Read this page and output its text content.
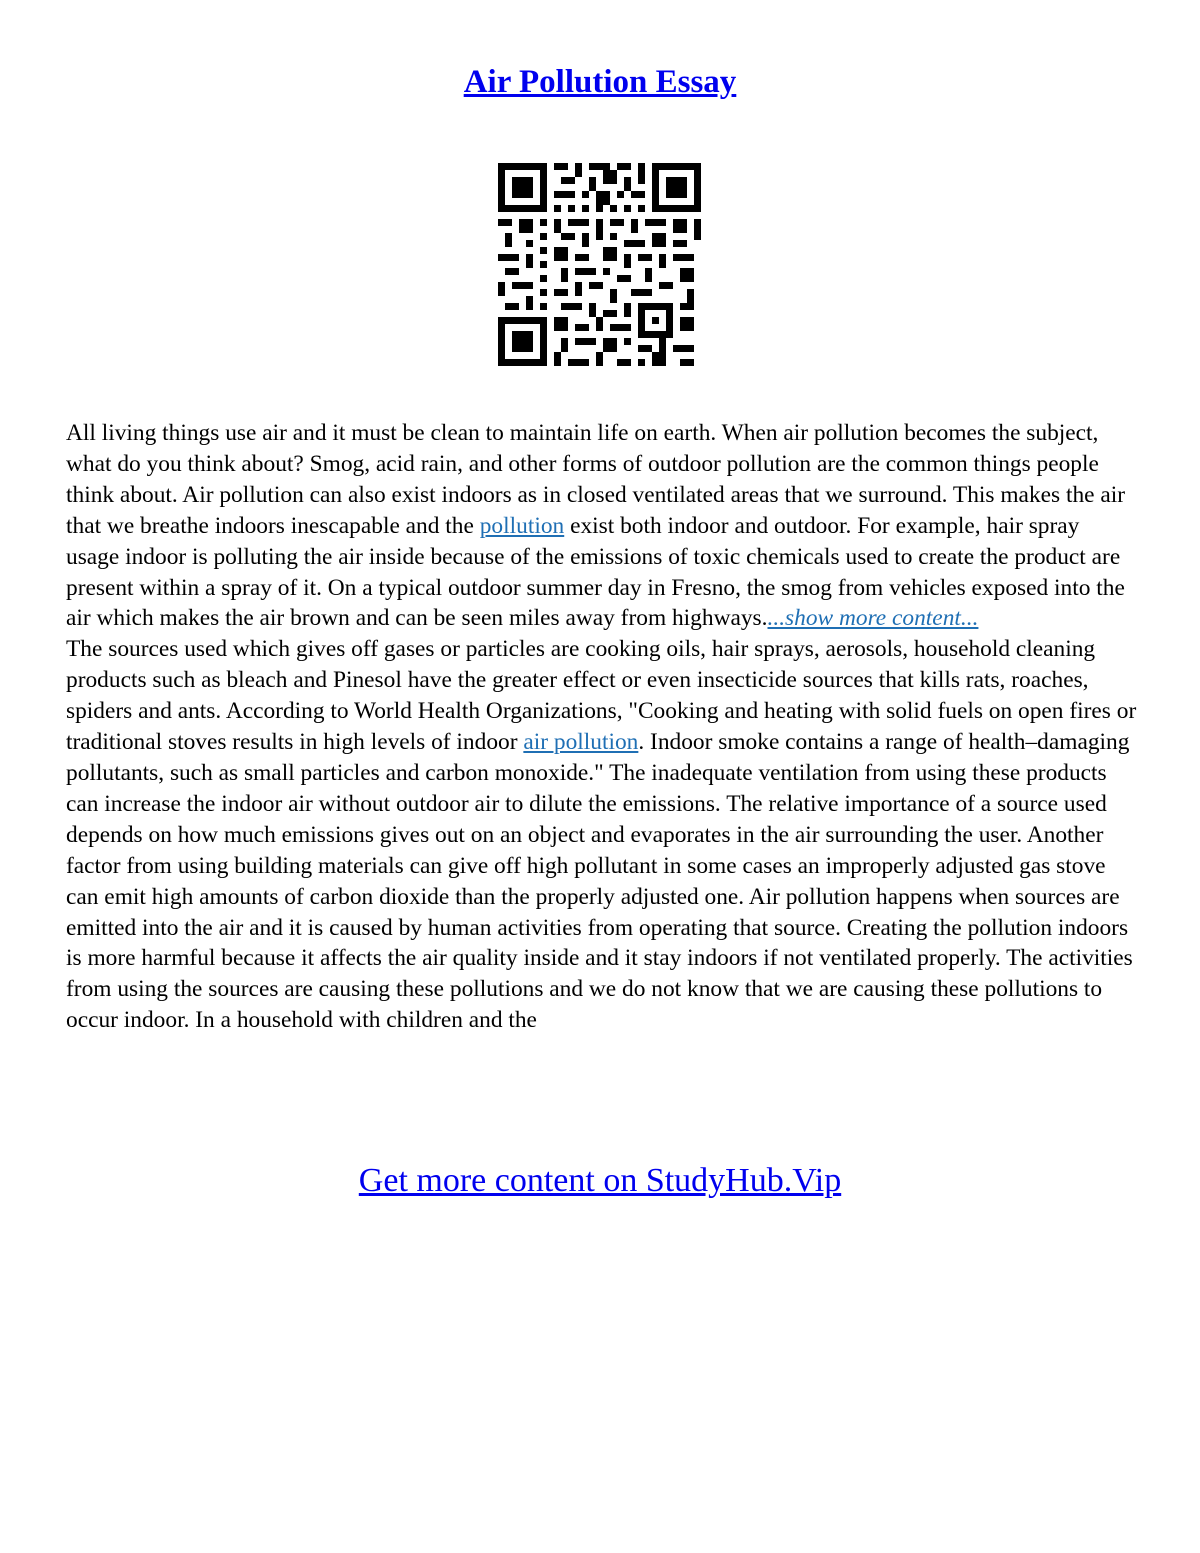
Air Pollution Essay

All living things use air and it must be clean to maintain life on earth. When air pollution becomes the subject, what do you think about? Smog, acid rain, and other forms of outdoor pollution are the common things people think about. Air pollution can also exist indoors as in closed ventilated areas that we surround. This makes the air that we breathe indoors inescapable and the pollution exist both indoor and outdoor. For example, hair spray usage indoor is polluting the air inside because of the emissions of toxic chemicals used to create the product are present within a spray of it. On a typical outdoor summer day in Fresno, the smog from vehicles exposed into the air which makes the air brown and can be seen miles away from highways....show more content...

The sources used which gives off gases or particles are cooking oils, hair sprays, aerosols, household cleaning products such as bleach and Pinesol have the greater effect or even insecticide sources that kills rats, roaches, spiders and ants. According to World Health Organizations, "Cooking and heating with solid fuels on open fires or traditional stoves results in high levels of indoor air pollution. Indoor smoke contains a range of health–damaging pollutants, such as small particles and carbon monoxide." The inadequate ventilation from using these products can increase the indoor air without outdoor air to dilute the emissions. The relative importance of a source used depends on how much emissions gives out on an object and evaporates in the air surrounding the user. Another factor from using building materials can give off high pollutant in some cases an improperly adjusted gas stove can emit high amounts of carbon dioxide than the properly adjusted one. Air pollution happens when sources are emitted into the air and it is caused by human activities from operating that source. Creating the pollution indoors is more harmful because it affects the air quality inside and it stay indoors if not ventilated properly. The activities from using the sources are causing these pollutions and we do not know that we are causing these pollutions to occur indoor. In a household with children and the

Get more content on StudyHub.Vip
